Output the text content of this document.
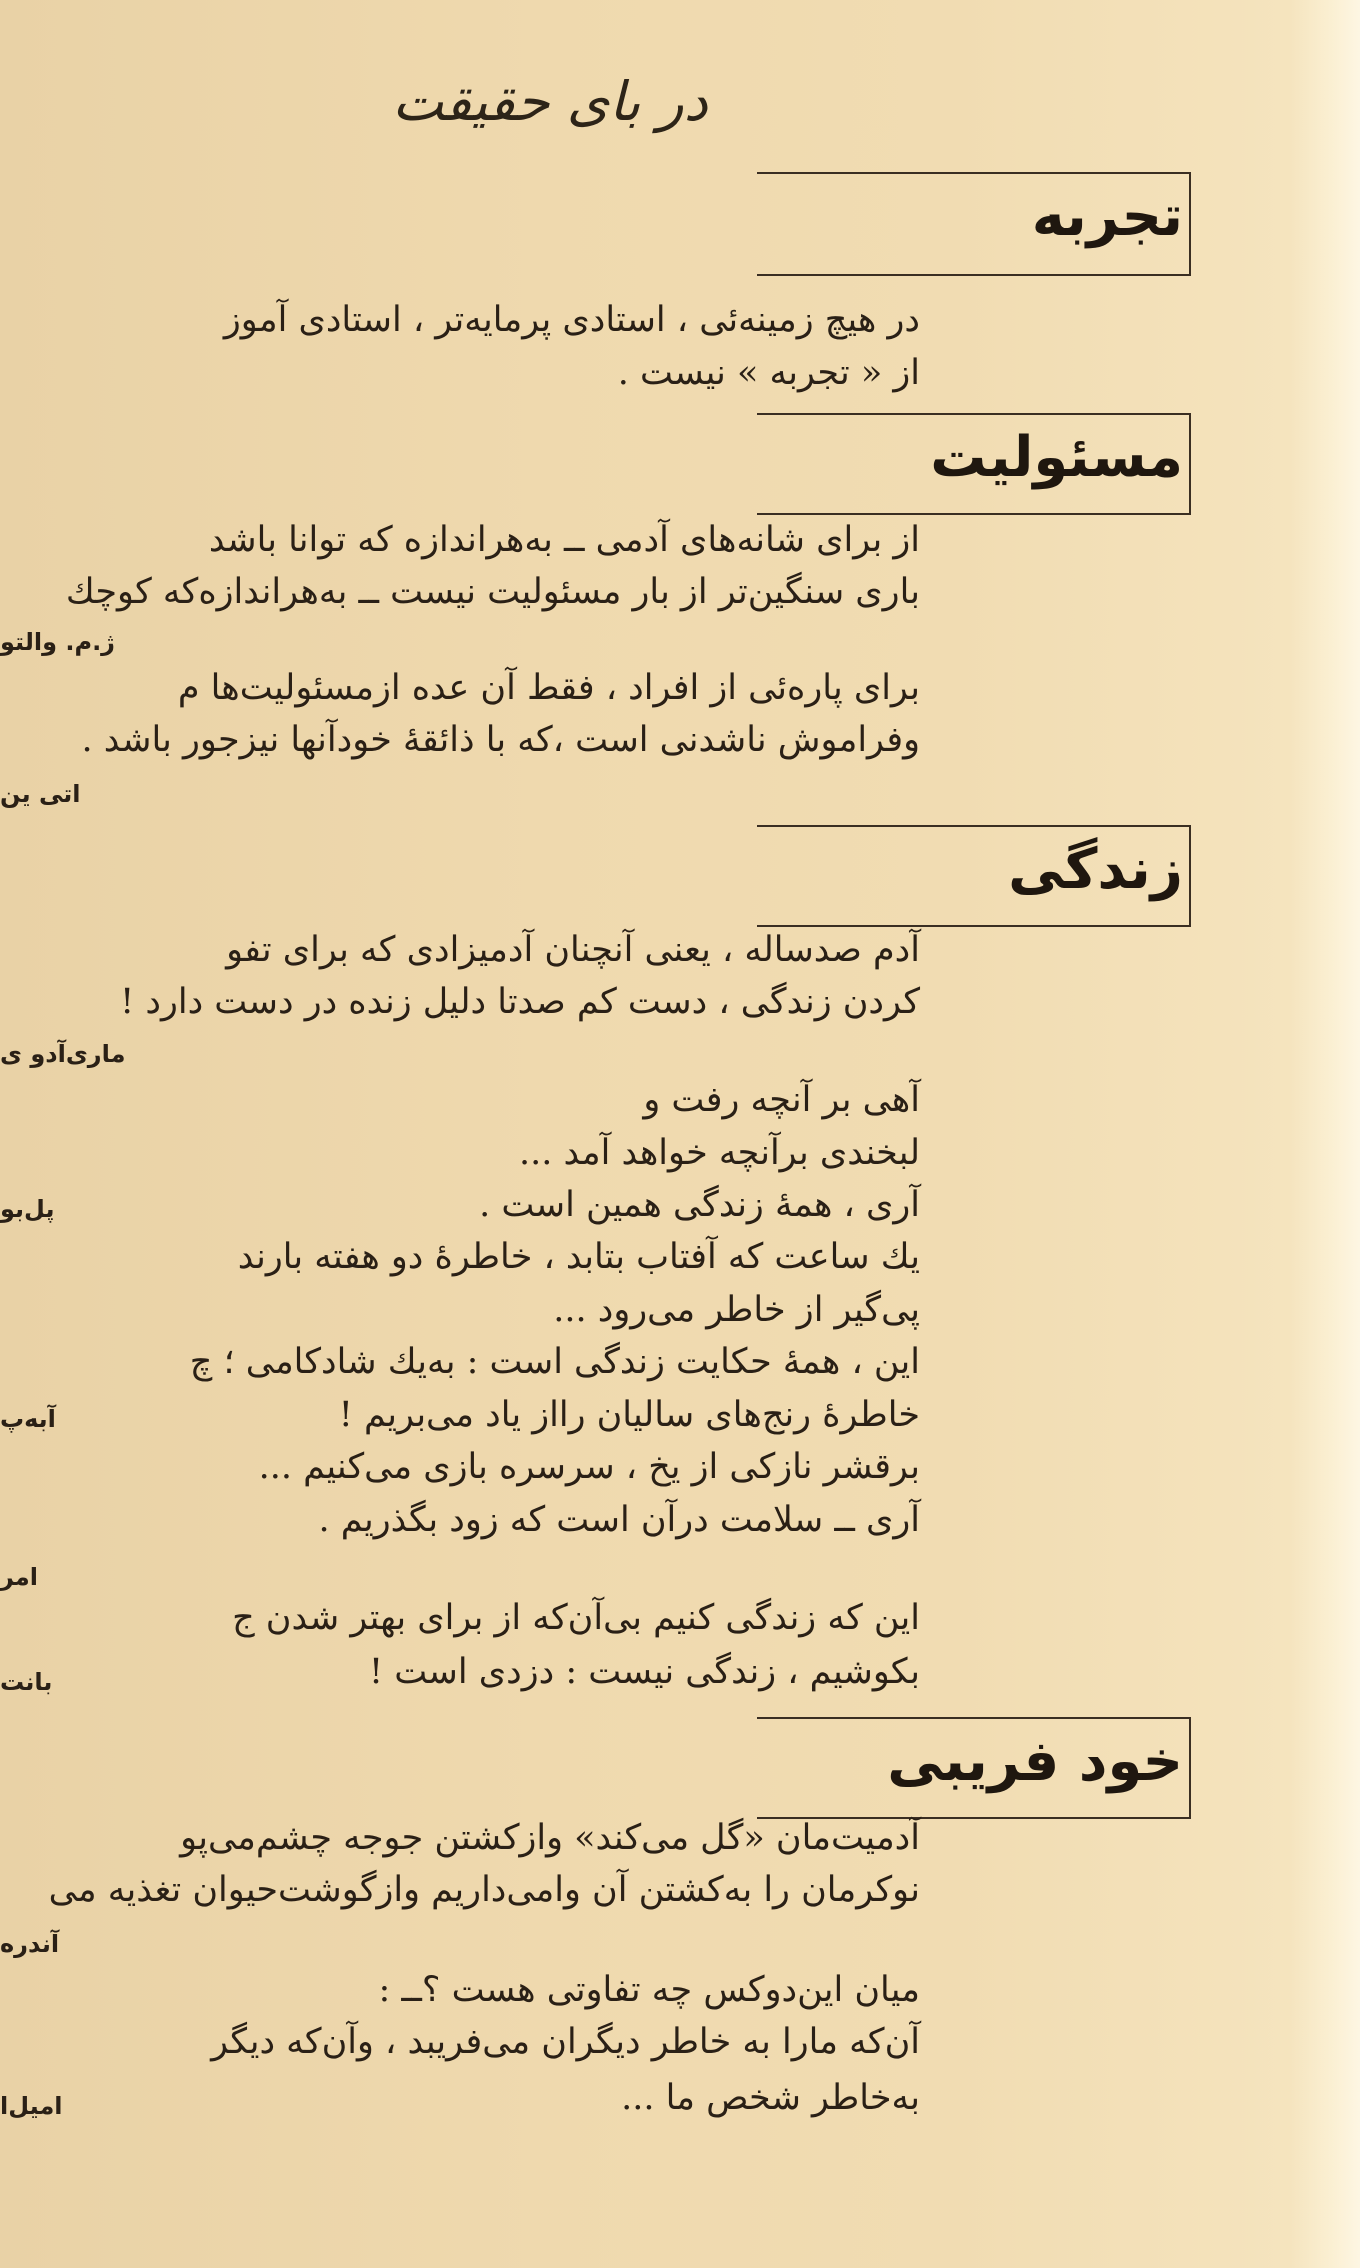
در بای حقیقت
تجربه
در هیچ زمینه‌ئی ، استادی پرمایه‌تر ، استادی آموز
از « تجربه » نیست .
مسئولیت
از برای شانه‌های آدمی ــ به‌هراندازه که توانا باشد
باری سنگین‌تر از بار مسئولیت نیست ــ به‌هراندازه‌که کوچك
ژ.م. والتو
برای پاره‌ئی از افراد ، فقط آن عده ازمسئولیت‌ها م
وفراموش ناشدنی است ،که با ذائقهٔ خودآنها نیزجور باشد .
اتی ین
زندگی
آدم صدساله ، یعنی آنچنان آدمیزادی که برای تفو
کردن زندگی ، دست کم صدتا دلیل زنده در دست دارد !
ماری‌آدو ی
آهی بر آنچه رفت و
لبخندی برآنچه خواهد آمد ...
آری ، همهٔ زندگی همین است .
پل‌بو
یك ساعت که آفتاب بتابد ، خاطرهٔ دو هفته بارند
پی‌گیر از خاطر می‌رود ...
این ، همهٔ حکایت زندگی است : به‌یك شادکامی ؛ چ
خاطرهٔ رنج‌های سالیان رااز یاد می‌بریم !
آبه‌پ
برقشر نازکی از یخ ، سرسره بازی می‌کنیم ...
آری ــ سلامت درآن است که زود بگذریم .
امر
این که زندگی کنیم بی‌آن‌که از برای بهتر شدن ج
بکوشیم ، زندگی نیست : دزدی است !
بانت
خود فریبی
آدمیت‌مان «گل می‌کند» وازکشتن جوجه چشم‌می‌پو
نوکرمان را به‌کشتن آن وامی‌داریم وازگوشت‌حیوان تغذیه می
آندره
میان این‌دوکس چه تفاوتی هست ؟ــ :
آن‌که مارا به خاطر دیگران می‌فریبد ، وآن‌که دیگر
به‌خاطر شخص ما ...
امیل‌ا
